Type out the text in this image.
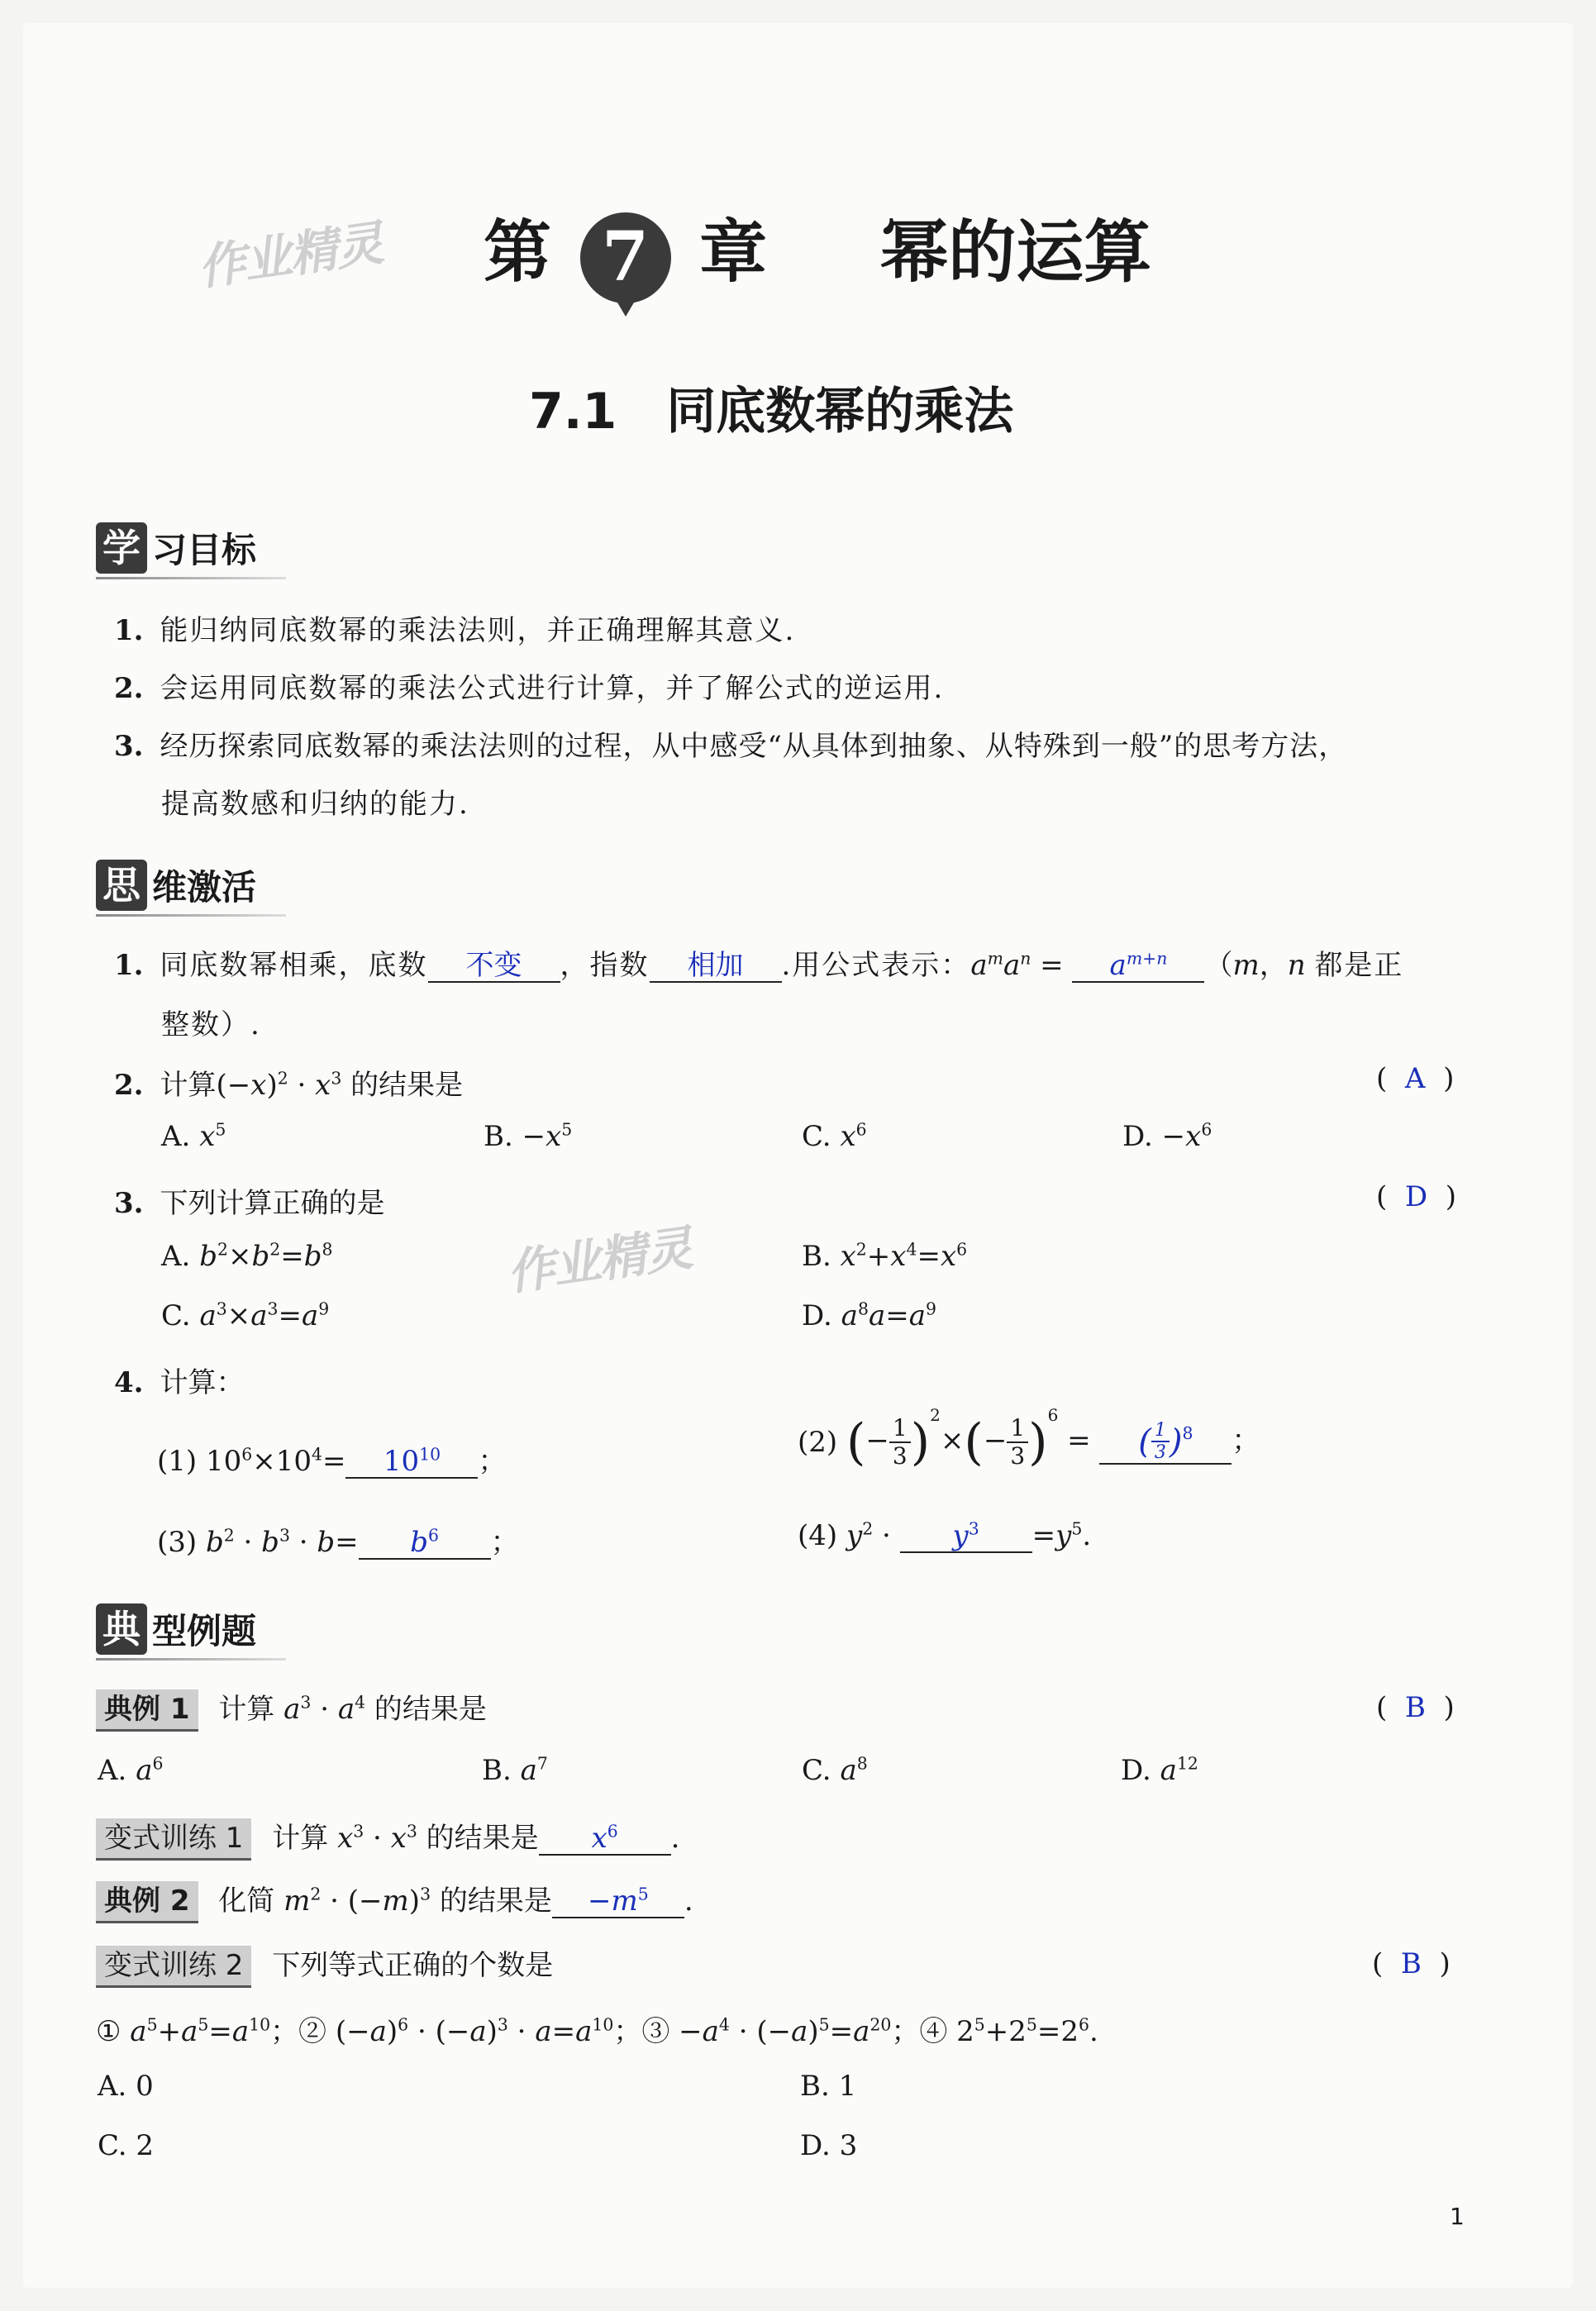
作业精灵
作业精灵
第 7 章 幂的运算
7.1　同底数幂的乘法
学 习目标
1. 能归纳同底数幂的乘法法则，并正确理解其意义.
2. 会运用同底数幂的乘法公式进行计算，并了解公式的逆运用.
3. 经历探索同底数幂的乘法法则的过程，从中感受“从具体到抽象、从特殊到一般”的思考方法，
提高数感和归纳的能力.
思 维激活
1. 同底数幂相乘，底数 不变 ，指数 相加 .用公式表示：$a^ma^n = a^{m+n}$ （m，n 都是正
整数）.
2. 计算$(-x)^2 \cdot x^3$ 的结果是	(  A  )
A. $x^5$	B. $-x^5$	C. $x^6$	D. $-x^6$
3. 下列计算正确的是	(  D  )
A. $b^2\times b^2=b^8$	B. $x^2+x^4=x^6$
C. $a^3\times a^3=a^9$	D. $a^8a=a^9$
4. 计算：
(1) $10^6\times 10^4= 10^{10}$ ；
(2) (− $\frac{1}{3} )^2\times(- \frac{1}{3} )^6$ = ( $\frac{1}{3} )^8$ ；
(3) $b^2 \cdot b^3 \cdot b= b^6$ ；	(4) $y^2 \cdot y^3 =y^5$.
典 型例题
典例 1 计算 $a^3 \cdot a^4$ 的结果是	(  B  )
A. $a^6$	B. $a^7$	C. $a^8$	D. $a^{12}$
变式训练 1 计算 $x^3 \cdot x^3$ 的结果是 $x^6$ .
典例 2 化简 $m^2 \cdot (-m)^3$ 的结果是 $-m^5$ .
变式训练 2 下列等式正确的个数是	(  B  )
① $a^5+a^5=a^{10}$；② $(-a)^6 \cdot (-a)^3 \cdot a=a^{10}$；③ $-a^4 \cdot (-a)^5=a^{20}$；④ $2^5+2^5=2^6$.
A. 0	B. 1
C. 2	D. 3
1
